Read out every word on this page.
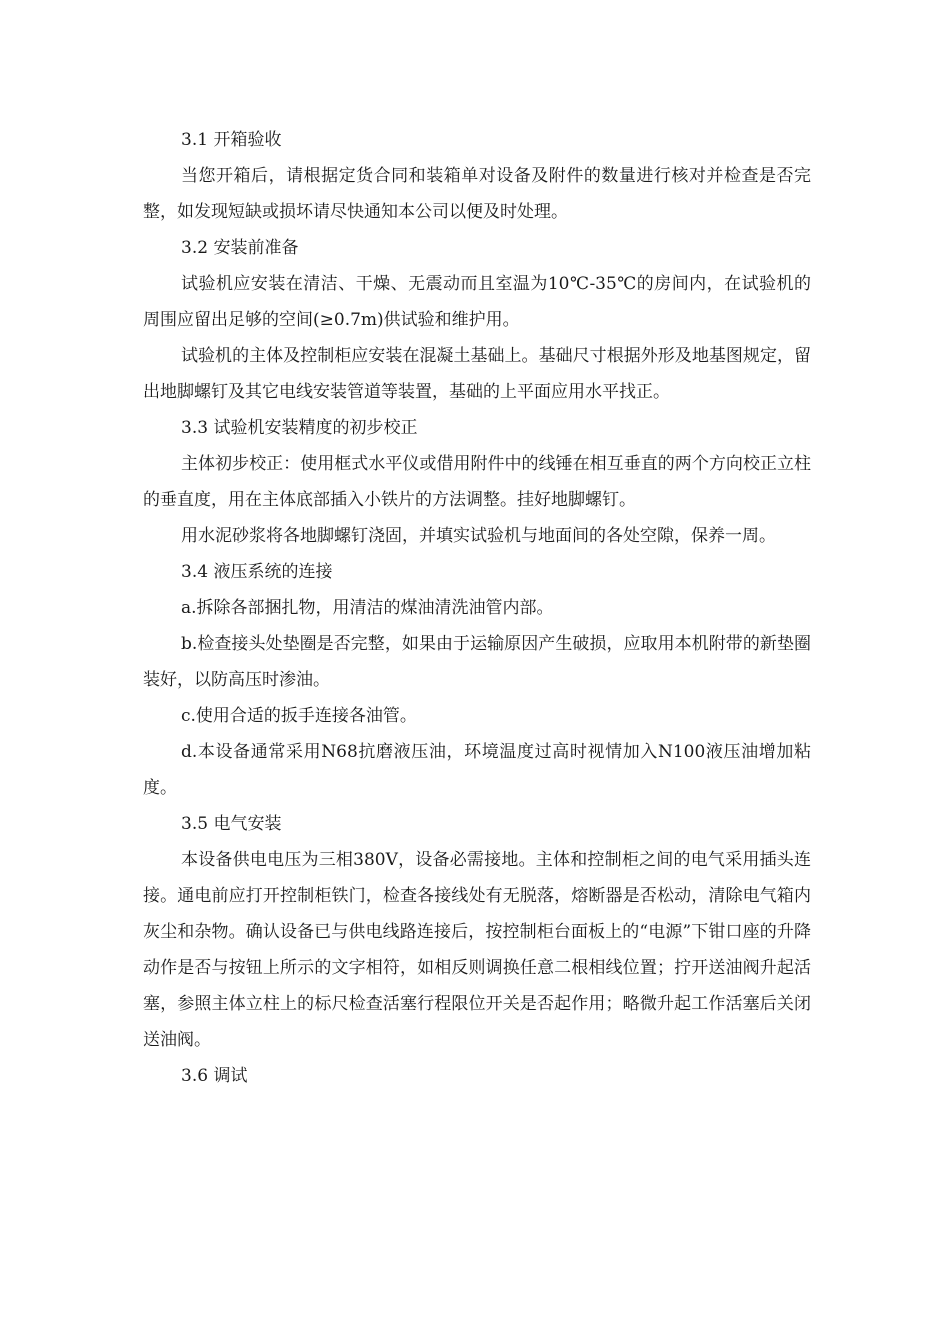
3.1 开箱验收

当您开箱后，请根据定货合同和装箱单对设备及附件的数量进行核对并检查是否完整，如发现短缺或损坏请尽快通知本公司以便及时处理。

3.2 安装前准备

试验机应安装在清洁、干燥、无震动而且室温为10℃-35℃的房间内，在试验机的周围应留出足够的空间(≥0.7m)供试验和维护用。

试验机的主体及控制柜应安装在混凝土基础上。基础尺寸根据外形及地基图规定，留出地脚螺钉及其它电线安装管道等装置，基础的上平面应用水平找正。

3.3 试验机安装精度的初步校正

主体初步校正：使用框式水平仪或借用附件中的线锤在相互垂直的两个方向校正立柱的垂直度，用在主体底部插入小铁片的方法调整。挂好地脚螺钉。

用水泥砂浆将各地脚螺钉浇固，并填实试验机与地面间的各处空隙，保养一周。

3.4 液压系统的连接

a.拆除各部捆扎物，用清洁的煤油清洗油管内部。

b.检查接头处垫圈是否完整，如果由于运输原因产生破损，应取用本机附带的新垫圈装好，以防高压时渗油。

c.使用合适的扳手连接各油管。

d.本设备通常采用N68抗磨液压油，环境温度过高时视情加入N100液压油增加粘度。

3.5 电气安装

本设备供电电压为三相380V，设备必需接地。主体和控制柜之间的电气采用插头连接。通电前应打开控制柜铁门，检查各接线处有无脱落，熔断器是否松动，清除电气箱内灰尘和杂物。确认设备已与供电线路连接后，按控制柜台面板上的“电源”下钳口座的升降动作是否与按钮上所示的文字相符，如相反则调换任意二根相线位置；拧开送油阀升起活塞，参照主体立柱上的标尺检查活塞行程限位开关是否起作用；略微升起工作活塞后关闭送油阀。

3.6 调试
